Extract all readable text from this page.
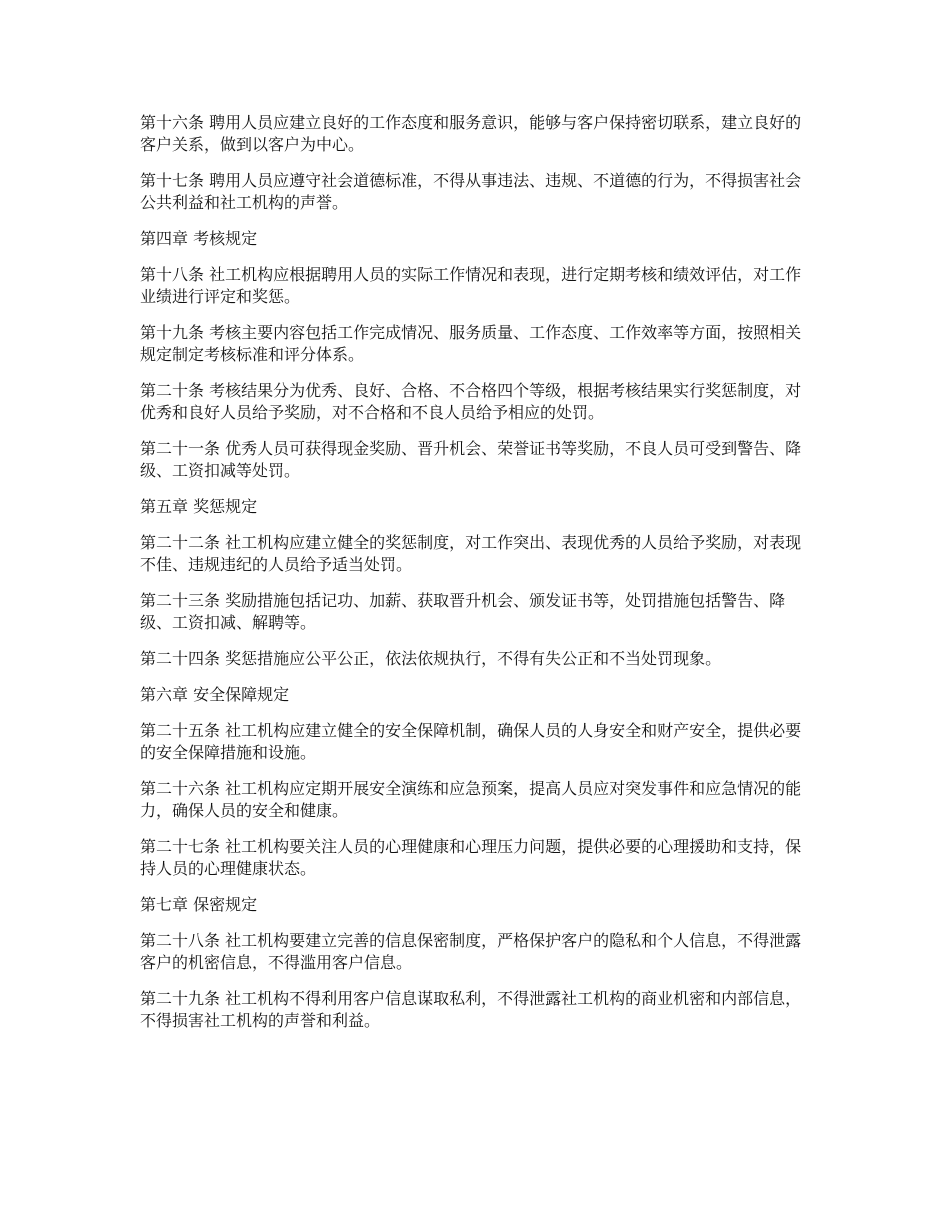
第十六条 聘用人员应建立良好的工作态度和服务意识，能够与客户保持密切联系，建立良好的客户关系，做到以客户为中心。

第十七条 聘用人员应遵守社会道德标准，不得从事违法、违规、不道德的行为，不得损害社会公共利益和社工机构的声誉。

第四章 考核规定

第十八条 社工机构应根据聘用人员的实际工作情况和表现，进行定期考核和绩效评估，对工作业绩进行评定和奖惩。

第十九条 考核主要内容包括工作完成情况、服务质量、工作态度、工作效率等方面，按照相关规定制定考核标准和评分体系。

第二十条 考核结果分为优秀、良好、合格、不合格四个等级，根据考核结果实行奖惩制度，对优秀和良好人员给予奖励，对不合格和不良人员给予相应的处罚。

第二十一条 优秀人员可获得现金奖励、晋升机会、荣誉证书等奖励，不良人员可受到警告、降级、工资扣减等处罚。

第五章 奖惩规定

第二十二条 社工机构应建立健全的奖惩制度，对工作突出、表现优秀的人员给予奖励，对表现不佳、违规违纪的人员给予适当处罚。

第二十三条 奖励措施包括记功、加薪、获取晋升机会、颁发证书等，处罚措施包括警告、降级、工资扣减、解聘等。

第二十四条 奖惩措施应公平公正，依法依规执行，不得有失公正和不当处罚现象。

第六章 安全保障规定

第二十五条 社工机构应建立健全的安全保障机制，确保人员的人身安全和财产安全，提供必要的安全保障措施和设施。

第二十六条 社工机构应定期开展安全演练和应急预案，提高人员应对突发事件和应急情况的能力，确保人员的安全和健康。

第二十七条 社工机构要关注人员的心理健康和心理压力问题，提供必要的心理援助和支持，保持人员的心理健康状态。

第七章 保密规定

第二十八条 社工机构要建立完善的信息保密制度，严格保护客户的隐私和个人信息，不得泄露客户的机密信息，不得滥用客户信息。

第二十九条 社工机构不得利用客户信息谋取私利，不得泄露社工机构的商业机密和内部信息，不得损害社工机构的声誉和利益。
